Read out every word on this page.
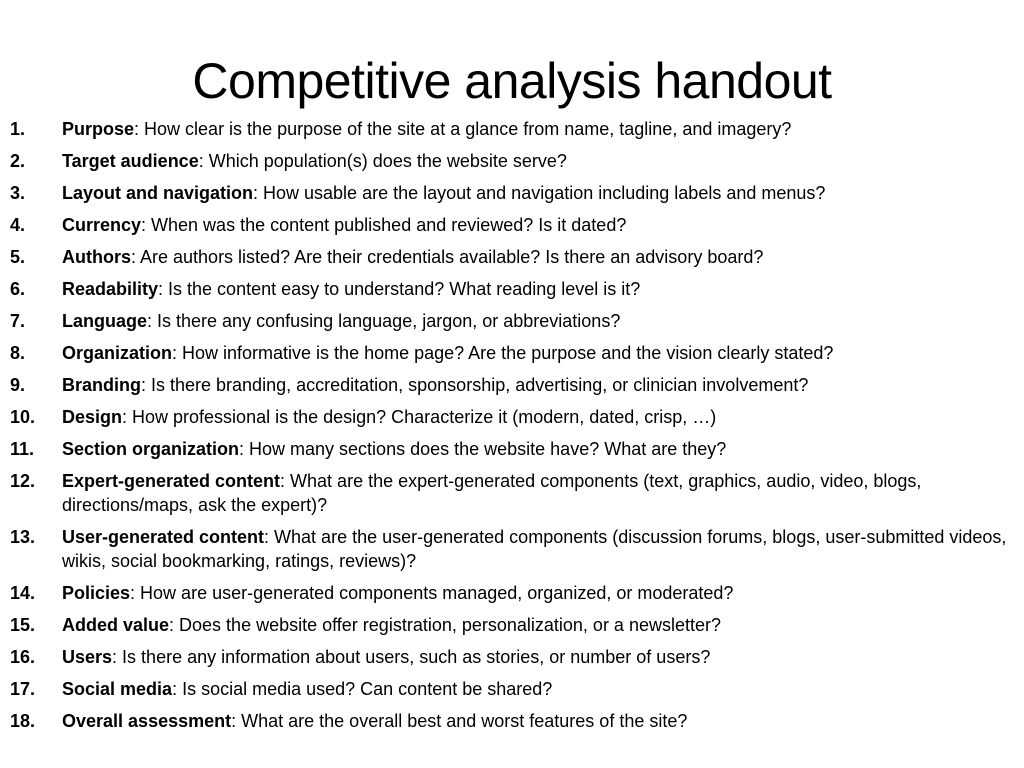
Competitive analysis handout
1. Purpose: How clear is the purpose of the site at a glance from name, tagline, and imagery?
2. Target audience: Which population(s) does the website serve?
3. Layout and navigation: How usable are the layout and navigation including labels and menus?
4. Currency: When was the content published and reviewed? Is it dated?
5. Authors: Are authors listed? Are their credentials available? Is there an advisory board?
6. Readability: Is the content easy to understand? What reading level is it?
7. Language: Is there any confusing language, jargon, or abbreviations?
8. Organization: How informative is the home page? Are the purpose and the vision clearly stated?
9. Branding: Is there branding, accreditation, sponsorship, advertising, or clinician involvement?
10. Design: How professional is the design? Characterize it (modern, dated, crisp, …)
11. Section organization: How many sections does the website have? What are they?
12. Expert-generated content: What are the expert-generated components (text, graphics, audio, video, blogs, directions/maps, ask the expert)?
13. User-generated content: What are the user-generated components (discussion forums, blogs, user-submitted videos, wikis, social bookmarking, ratings, reviews)?
14. Policies: How are user-generated components managed, organized, or moderated?
15. Added value: Does the website offer registration, personalization, or a newsletter?
16. Users: Is there any information about users, such as stories, or number of users?
17. Social media: Is social media used? Can content be shared?
18. Overall assessment: What are the overall best and worst features of the site?
